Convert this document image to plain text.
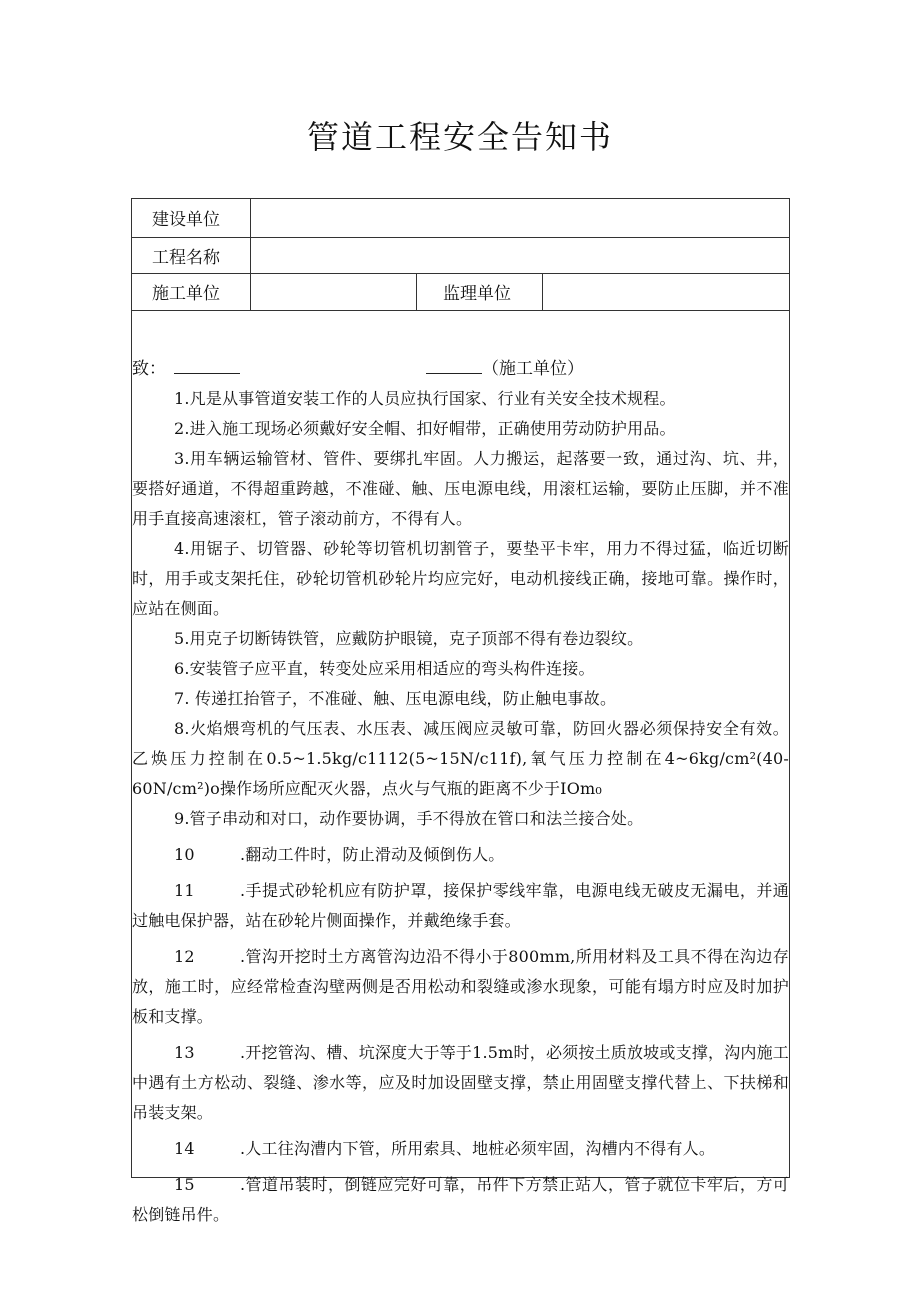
管道工程安全告知书
建设单位
工程名称
施工单位	监理单位
致：	（施工单位）

1.凡是从事管道安装工作的人员应执行国家、行业有关安全技术规程。

2.进入施工现场必须戴好安全帽、扣好帽带，正确使用劳动防护用品。

3.用车辆运输管材、管件、要绑扎牢固。人力搬运，起落要一致，通过沟、坑、井，要搭好通道，不得超重跨越，不准碰、触、压电源电线，用滚杠运输，要防止压脚，并不准用手直接高速滚杠，管子滚动前方，不得有人。

4.用锯子、切管器、砂轮等切管机切割管子，要垫平卡牢，用力不得过猛，临近切断时，用手或支架托住，砂轮切管机砂轮片均应完好，电动机接线正确，接地可靠。操作时，应站在侧面。

5.用克子切断铸铁管，应戴防护眼镜，克子顶部不得有卷边裂纹。

6.安装管子应平直，转变处应采用相适应的弯头构件连接。

7. 传递扛抬管子，不准碰、触、压电源电线，防止触电事故。

8.火焰煨弯机的气压表、水压表、减压阀应灵敏可靠，防回火器必须保持安全有效。乙焕压力控制在0.5~1.5kg∕c1112(5~15N∕c11f),氧气压力控制在4~6kg∕cm²(40-60N∕cm²)o操作场所应配灭火器，点火与气瓶的距离不少于IOm₀

9.管子串动和对口，动作要协调，手不得放在管口和法兰接合处。

10	.翻动工件时，防止滑动及倾倒伤人。

11	.手提式砂轮机应有防护罩，接保护零线牢靠，电源电线无破皮无漏电，并通过触电保护器，站在砂轮片侧面操作，并戴绝缘手套。

12	.管沟开挖时土方离管沟边沿不得小于800mm,所用材料及工具不得在沟边存放，施工时，应经常检查沟壁两侧是否用松动和裂缝或渗水现象，可能有塌方时应及时加护板和支撑。

13	.开挖管沟、槽、坑深度大于等于1.5m时，必须按土质放坡或支撑，沟内施工中遇有土方松动、裂缝、渗水等，应及时加设固壁支撑，禁止用固壁支撑代替上、下扶梯和吊装支架。

14	.人工往沟漕内下管，所用索具、地桩必须牢固，沟槽内不得有人。

15	.管道吊装时，倒链应完好可靠，吊件下方禁止站人，管子就位卡牢后，方可松倒链吊件。
